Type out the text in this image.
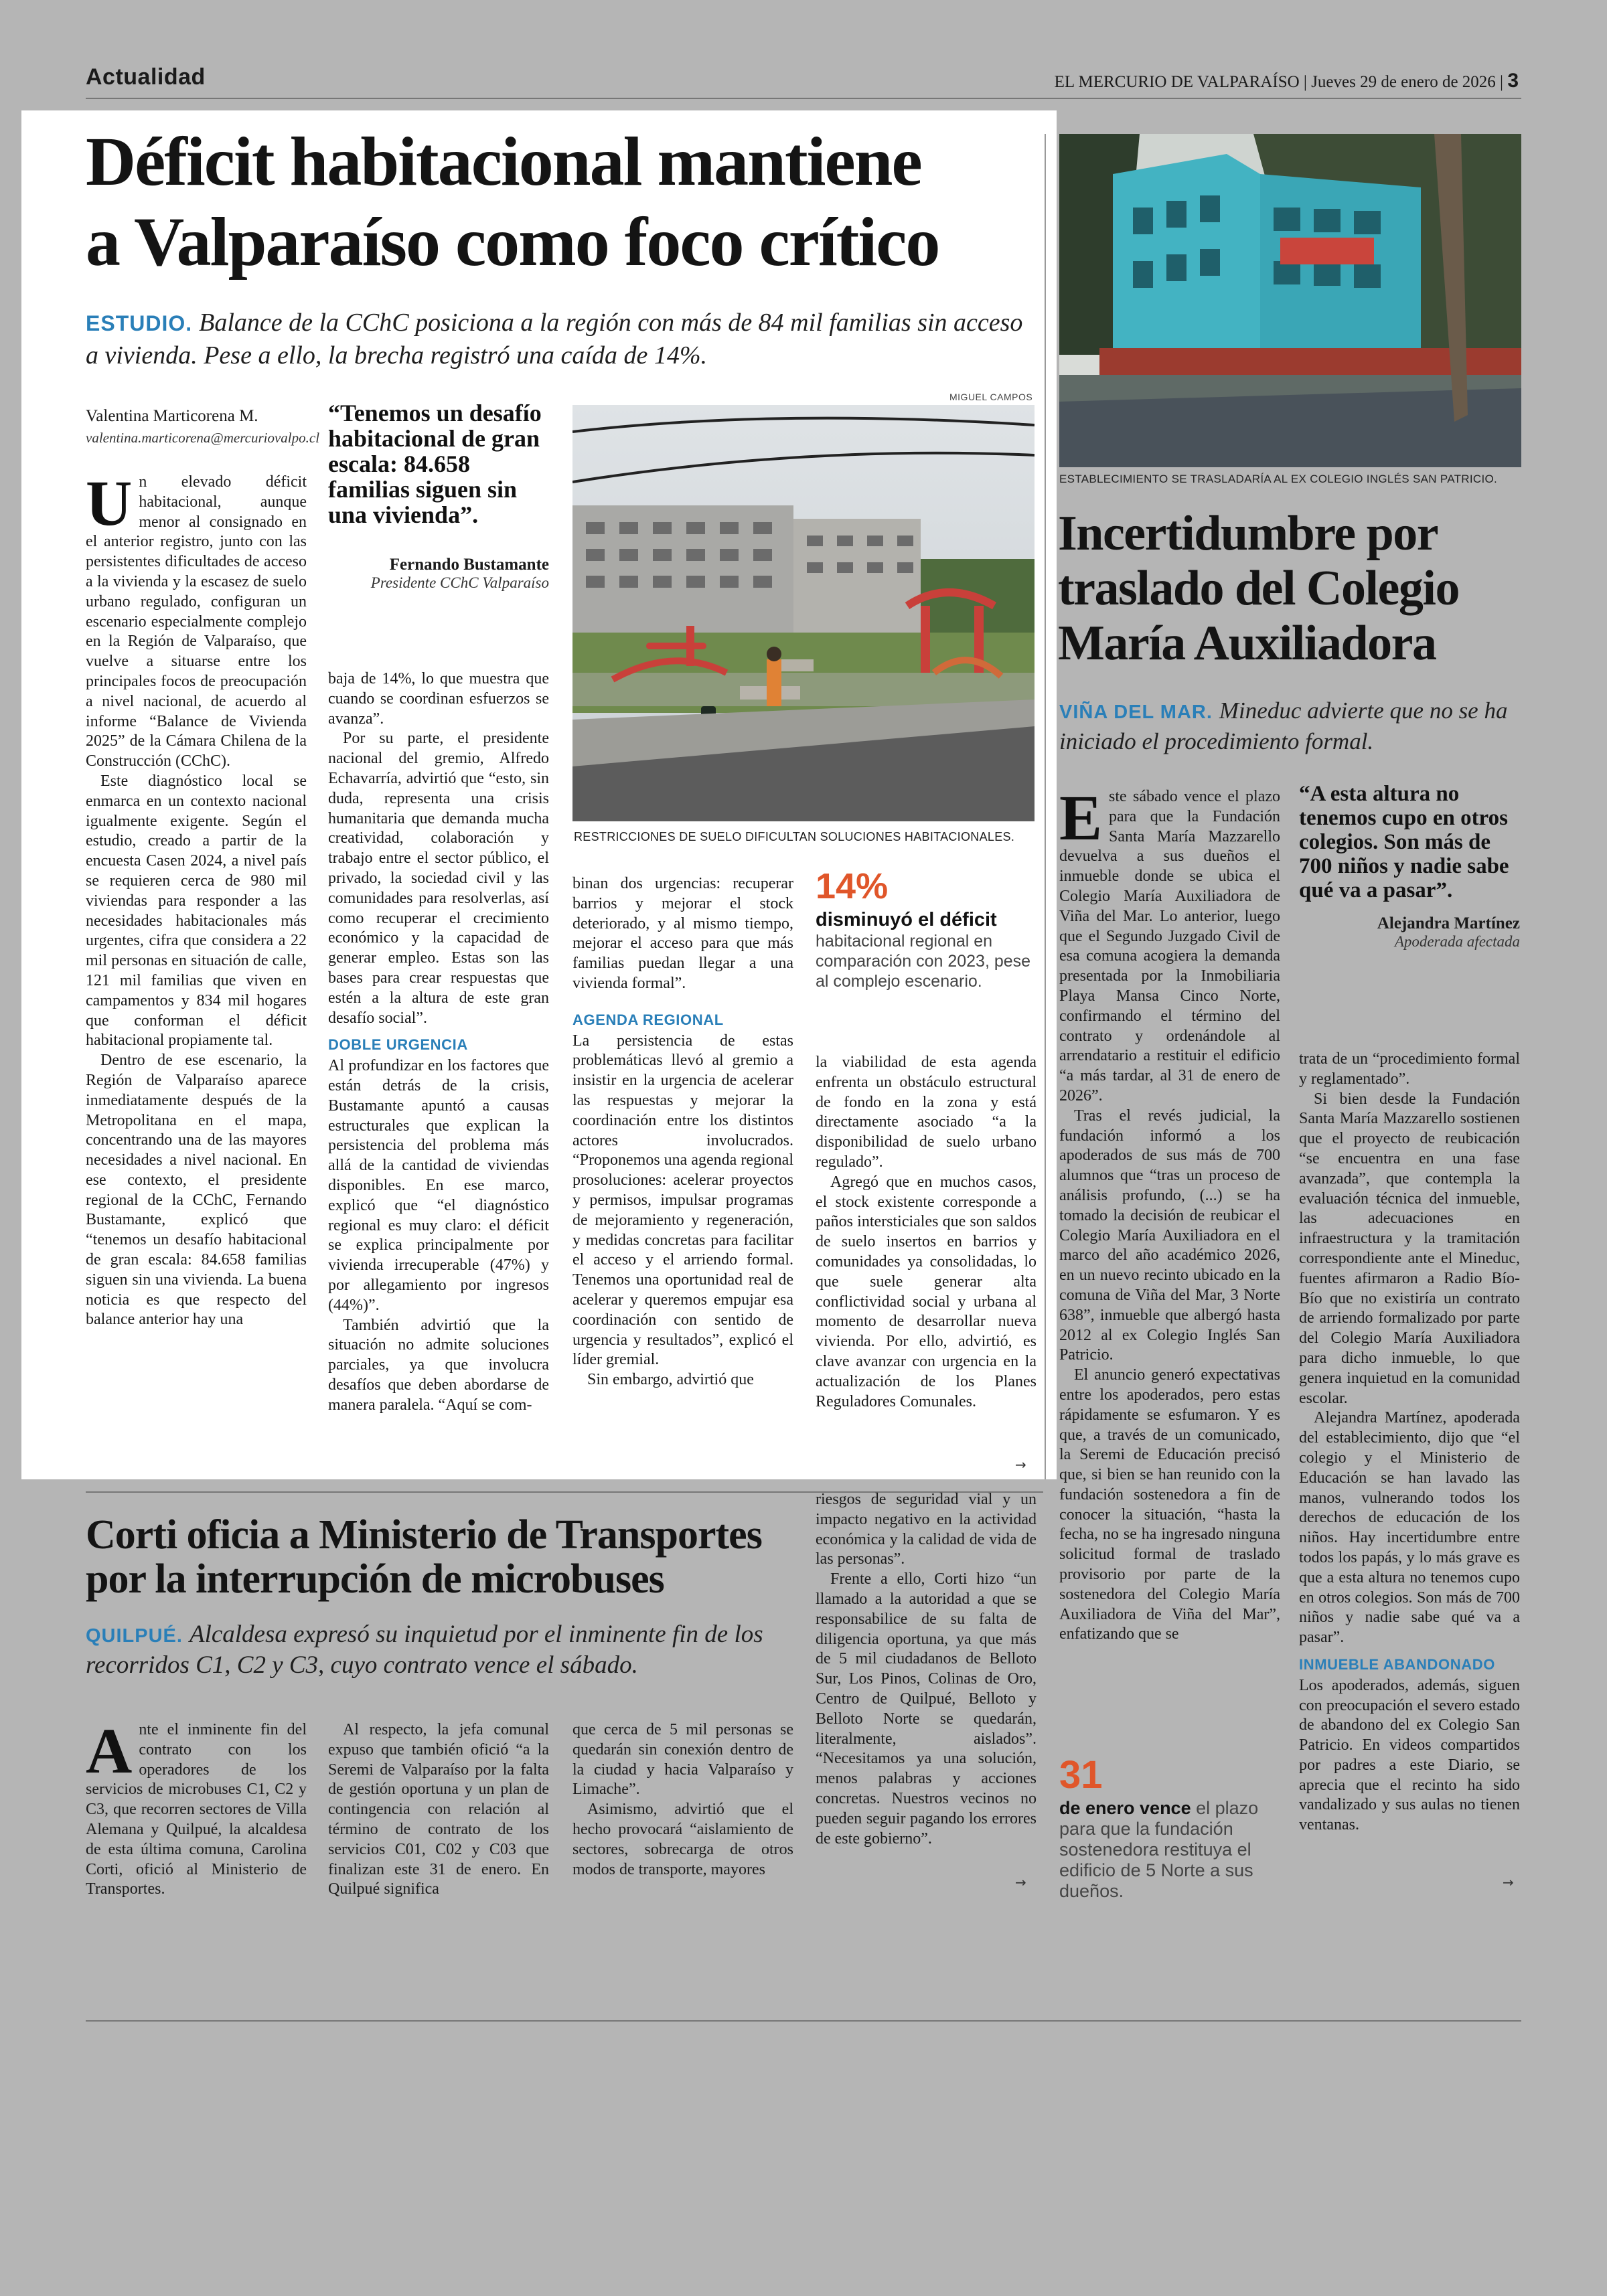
Actualidad	EL MERCURIO DE VALPARAÍSO | Jueves 29 de enero de 2026 | 3
Déficit habitacional mantiene
a Valparaíso como foco crítico
ESTUDIO. Balance de la CChC posiciona a la región con más de 84 mil familias sin acceso a vivienda. Pese a ello, la brecha registró una caída de 14%.
Valentina Marticorena M.
valentina.marticorena@mercuriovalpo.cl
U n elevado déficit habitacional, aunque menor al consignado en el anterior registro, junto con las persistentes dificultades de acceso a la vivienda y la escasez de suelo urbano regulado, configuran un escenario especialmente complejo en la Región de Valparaíso, que vuelve a situarse entre los principales focos de preocupación a nivel nacional, de acuerdo al informe “Balance de Vivienda 2025” de la Cámara Chilena de la Construcción (CChC).

Este diagnóstico local se enmarca en un contexto nacional igualmente exigente. Según el estudio, creado a partir de la encuesta Casen 2024, a nivel país se requieren cerca de 980 mil viviendas para responder a las necesidades habitacionales más urgentes, cifra que considera a 22 mil personas en situación de calle, 121 mil familias que viven en campamentos y 834 mil hogares que conforman el déficit habitacional propiamente tal.

Dentro de ese escenario, la Región de Valparaíso aparece inmediatamente después de la Metropolitana en el mapa, concentrando una de las mayores necesidades a nivel nacional. En ese contexto, el presidente regional de la CChC, Fernando Bustamante, explicó que “tenemos un desafío habitacional de gran escala: 84.658 familias siguen sin una vivienda. La buena noticia es que respecto del balance anterior hay una

“Tenemos un desafío habitacional de gran escala: 84.658 familias siguen sin una vivienda”.
Fernando Bustamante
Presidente CChC Valparaíso
MIGUEL CAMPOS
RESTRICCIONES DE SUELO DIFICULTAN SOLUCIONES HABITACIONALES.

baja de 14%, lo que muestra que cuando se coordinan esfuerzos se avanza”.

Por su parte, el presidente nacional del gremio, Alfredo Echavarría, advirtió que “esto, sin duda, representa una crisis humanitaria que demanda mucha creatividad, colaboración y trabajo entre el sector público, el privado, la sociedad civil y las comunidades para resolverlas, así como recuperar el crecimiento económico y la capacidad de generar empleo. Estas son las bases para crear respuestas que estén a la altura de este gran desafío social”.

DOBLE URGENCIA

Al profundizar en los factores que están detrás de la crisis, Bustamante apuntó a causas estructurales que explican la persistencia del problema más allá de la cantidad de viviendas disponibles. En ese marco, explicó que “el diagnóstico regional es muy claro: el déficit se explica principalmente por vivienda irrecuperable (47%) y por allegamiento por ingresos (44%)”.

También advirtió que la situación no admite soluciones parciales, ya que involucra desafíos que deben abordarse de manera paralela. “Aquí se com-

binan dos urgencias: recuperar barrios y mejorar el stock deteriorado, y al mismo tiempo, mejorar el acceso para que más familias puedan llegar a una vivienda formal”.

AGENDA REGIONAL

La persistencia de estas problemáticas llevó al gremio a insistir en la urgencia de acelerar las respuestas y mejorar la coordinación entre los distintos actores involucrados. “Proponemos una agenda regional prosoluciones: acelerar proyectos y permisos, impulsar programas de mejoramiento y regeneración, y medidas concretas para facilitar el acceso y el arriendo formal. Tenemos una oportunidad real de acelerar y queremos empujar esa coordinación con sentido de urgencia y resultados”, explicó el líder gremial.

Sin embargo, advirtió que

14%
disminuyó el déficit
habitacional regional en comparación con 2023, pese al complejo escenario.

la viabilidad de esta agenda enfrenta un obstáculo estructural de fondo en la zona y está directamente asociado “a la disponibilidad de suelo urbano regulado”.

Agregó que en muchos casos, el stock existente corresponde a paños intersticiales que son saldos de suelo insertos en barrios y comunidades ya consolidadas, lo que suele generar alta conflictividad social y urbana al momento de desarrollar nueva vivienda. Por ello, advirtió, es clave avanzar con urgencia en la actualización de los Planes Reguladores Comunales.

→
ESTABLECIMIENTO SE TRASLADARÍA AL EX COLEGIO INGLÉS SAN PATRICIO.
Incertidumbre por
traslado del Colegio
María Auxiliadora
VIÑA DEL MAR. Mineduc advierte que no se ha iniciado el procedimiento formal.
E ste sábado vence el plazo para que la Fundación Santa María Mazzarello devuelva a sus dueños el inmueble donde se ubica el Colegio María Auxiliadora de Viña del Mar. Lo anterior, luego que el Segundo Juzgado Civil de esa comuna acogiera la demanda presentada por la Inmobiliaria Playa Mansa Cinco Norte, confirmando el término del contrato y ordenándole al arrendatario a restituir el edificio “a más tardar, al 31 de enero de 2026”.

Tras el revés judicial, la fundación informó a los apoderados de sus más de 700 alumnos que “tras un proceso de análisis profundo, (...) se ha tomado la decisión de reubicar el Colegio María Auxiliadora en el marco del año académico 2026, en un nuevo recinto ubicado en la comuna de Viña del Mar, 3 Norte 638”, inmueble que albergó hasta 2012 al ex Colegio Inglés San Patricio.

El anuncio generó expectativas entre los apoderados, pero estas rápidamente se esfumaron. Y es que, a través de un comunicado, la Seremi de Educación precisó que, si bien se han reunido con la fundación sostenedora a fin de conocer la situación, “hasta la fecha, no se ha ingresado ninguna solicitud formal de traslado provisorio por parte de la sostenedora del Colegio María Auxiliadora de Viña del Mar”, enfatizando que se

“A esta altura no tenemos cupo en otros colegios. Son más de 700 niños y nadie sabe qué va a pasar”.
Alejandra Martínez
Apoderada afectada

trata de un “procedimiento formal y reglamentado”.

Si bien desde la Fundación Santa María Mazzarello sostienen que el proyecto de reubicación “se encuentra en una fase avanzada”, que contempla la evaluación técnica del inmueble, las adecuaciones en infraestructura y la tramitación correspondiente ante el Mineduc, fuentes afirmaron a Radio Bío-Bío que no existiría un contrato de arriendo formalizado por parte del Colegio María Auxiliadora para dicho inmueble, lo que genera inquietud en la comunidad escolar.

Alejandra Martínez, apoderada del establecimiento, dijo que “el colegio y el Ministerio de Educación se han lavado las manos, vulnerando todos los derechos de educación de los niños. Hay incertidumbre entre todos los papás, y lo más grave es que a esta altura no tenemos cupo en otros colegios. Son más de 700 niños y nadie sabe qué va a pasar”.

INMUEBLE ABANDONADO

Los apoderados, además, siguen con preocupación el severo estado de abandono del ex Colegio San Patricio. En videos compartidos por padres a este Diario, se aprecia que el recinto ha sido vandalizado y sus aulas no tienen ventanas.

→
31
de enero vence el plazo para que la fundación sostenedora restituya el edificio de 5 Norte a sus dueños.
Corti oficia a Ministerio de Transportes
por la interrupción de microbuses
QUILPUÉ. Alcaldesa expresó su inquietud por el inminente fin de los recorridos C1, C2 y C3, cuyo contrato vence el sábado.
A nte el inminente fin del contrato con los operadores de los servicios de microbuses C1, C2 y C3, que recorren sectores de Villa Alemana y Quilpué, la alcaldesa de esta última comuna, Carolina Corti, ofició al Ministerio de Transportes.

Al respecto, la jefa comunal expuso que también ofició “a la Seremi de Valparaíso por la falta de gestión oportuna y un plan de contingencia con relación al término de contrato de los servicios C01, C02 y C03 que finalizan este 31 de enero. En Quilpué significa

que cerca de 5 mil personas se quedarán sin conexión dentro de la ciudad y hacia Valparaíso y Limache”.

Asimismo, advirtió que el hecho provocará “aislamiento de sectores, sobrecarga de otros modos de transporte, mayores

riesgos de seguridad vial y un impacto negativo en la actividad económica y la calidad de vida de las personas”.

Frente a ello, Corti hizo “un llamado a la autoridad a que se responsabilice de su falta de diligencia oportuna, ya que más de 5 mil ciudadanos de Belloto Sur, Los Pinos, Colinas de Oro, Centro de Quilpué, Belloto y Belloto Norte se quedarán, literalmente, aislados”. “Necesitamos ya una solución, menos palabras y acciones concretas. Nuestros vecinos no pueden seguir pagando los errores de este gobierno”.

→
